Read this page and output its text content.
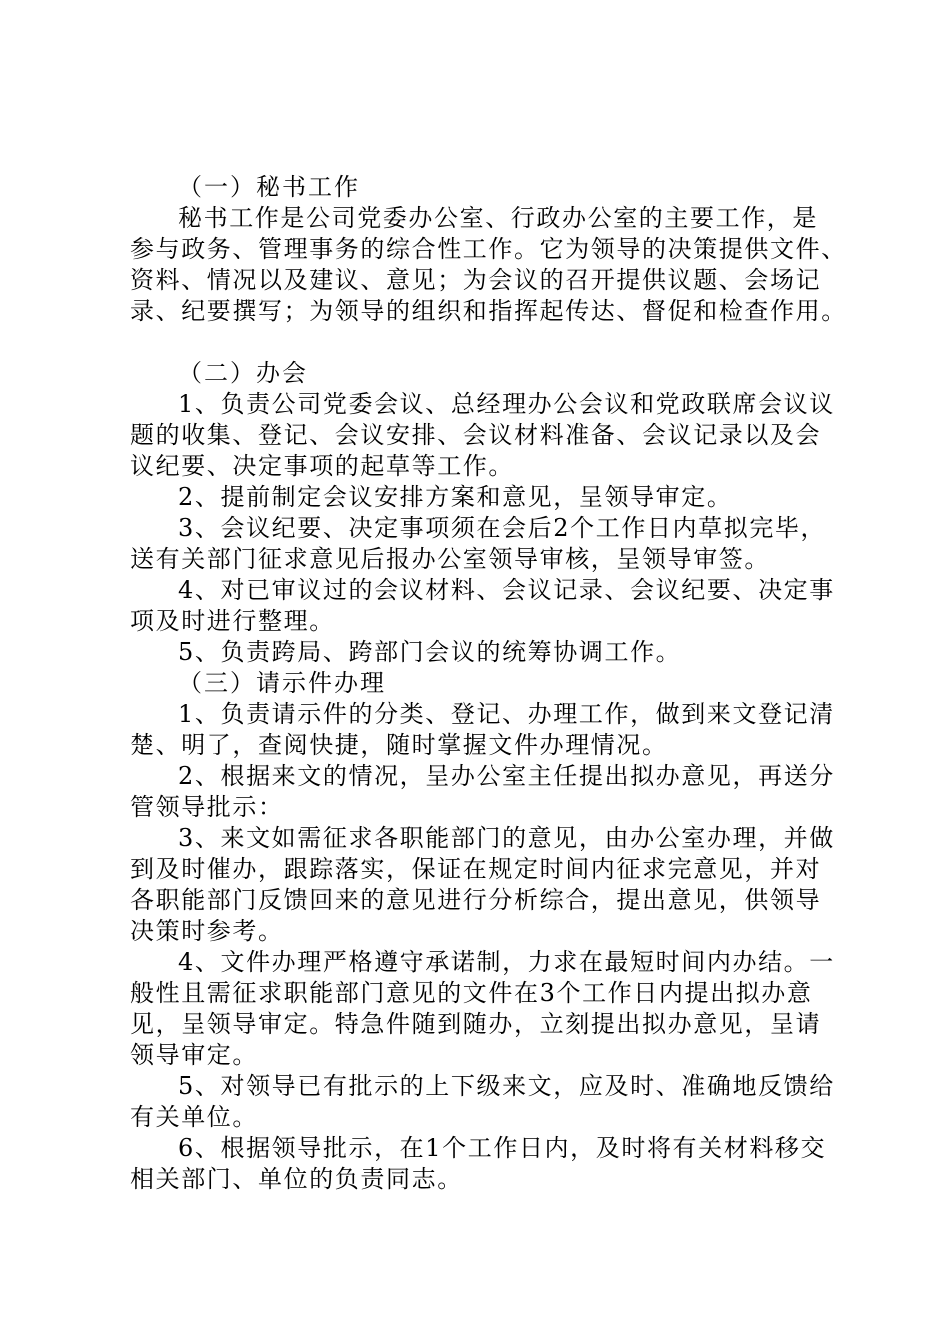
（一）秘书工作
秘书工作是公司党委办公室、行政办公室的主要工作，是
参与政务、管理事务的综合性工作。它为领导的决策提供文件、
资料、情况以及建议、意见；为会议的召开提供议题、会场记
录、纪要撰写；为领导的组织和指挥起传达、督促和检查作用。
（二）办会
1、负责公司党委会议、总经理办公会议和党政联席会议议
题的收集、登记、会议安排、会议材料准备、会议记录以及会
议纪要、决定事项的起草等工作。
2、提前制定会议安排方案和意见，呈领导审定。
3、会议纪要、决定事项须在会后2个工作日内草拟完毕，
送有关部门征求意见后报办公室领导审核，呈领导审签。
4、对已审议过的会议材料、会议记录、会议纪要、决定事
项及时进行整理。
5、负责跨局、跨部门会议的统筹协调工作。
（三）请示件办理
1、负责请示件的分类、登记、办理工作，做到来文登记清
楚、明了，查阅快捷，随时掌握文件办理情况。
2、根据来文的情况，呈办公室主任提出拟办意见，再送分
管领导批示：
3、来文如需征求各职能部门的意见，由办公室办理，并做
到及时催办，跟踪落实，保证在规定时间内征求完意见，并对
各职能部门反馈回来的意见进行分析综合，提出意见，供领导
决策时参考。
4、文件办理严格遵守承诺制，力求在最短时间内办结。一
般性且需征求职能部门意见的文件在3个工作日内提出拟办意
见，呈领导审定。特急件随到随办，立刻提出拟办意见，呈请
领导审定。
5、对领导已有批示的上下级来文，应及时、准确地反馈给
有关单位。
6、根据领导批示，在1个工作日内，及时将有关材料移交
相关部门、单位的负责同志。
